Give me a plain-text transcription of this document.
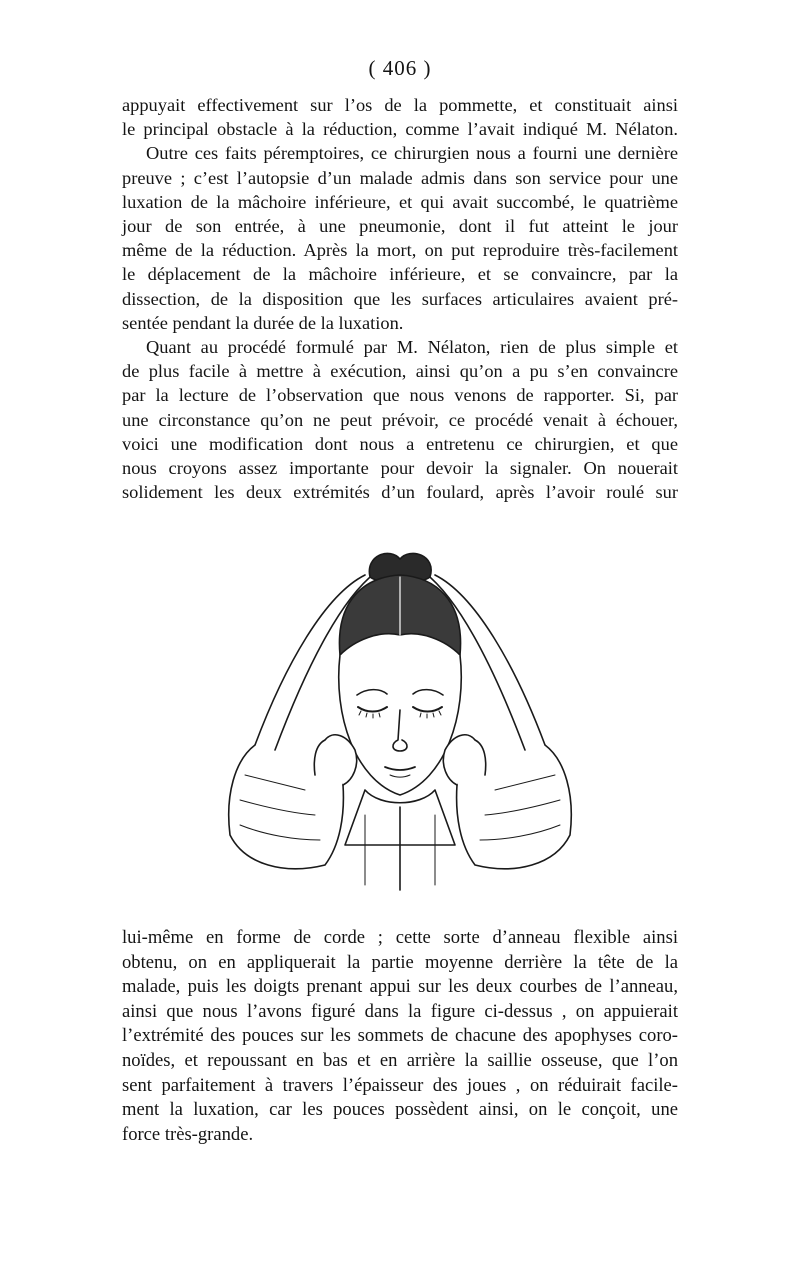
( 406 )
appuyait effectivement sur l’os de la pommette, et constituait ainsi
le principal obstacle à la réduction, comme l’avait indiqué M. Nélaton.
Outre ces faits péremptoires, ce chirurgien nous a fourni une dernière
preuve ; c’est l’autopsie d’un malade admis dans son service pour une
luxation de la mâchoire inférieure, et qui avait succombé, le quatrième
jour de son entrée, à une pneumonie, dont il fut atteint le jour
même de la réduction. Après la mort, on put reproduire très-facilement
le déplacement de la mâchoire inférieure, et se convaincre, par la
dissection, de la disposition que les surfaces articulaires avaient pré-
sentée pendant la durée de la luxation.
Quant au procédé formulé par M. Nélaton, rien de plus simple et
de plus facile à mettre à exécution, ainsi qu’on a pu s’en convaincre
par la lecture de l’observation que nous venons de rapporter. Si, par
une circonstance qu’on ne peut prévoir, ce procédé venait à échouer,
voici une modification dont nous a entretenu ce chirurgien, et que
nous croyons assez importante pour devoir la signaler. On nouerait
solidement les deux extrémités d’un foulard, après l’avoir roulé sur
lui-même en forme de corde ; cette sorte d’anneau flexible ainsi
obtenu, on en appliquerait la partie moyenne derrière la tête de la
malade, puis les doigts prenant appui sur les deux courbes de l’anneau,
ainsi que nous l’avons figuré dans la figure ci-dessus , on appuierait
l’extrémité des pouces sur les sommets de chacune des apophyses coro-
noïdes, et repoussant en bas et en arrière la saillie osseuse, que l’on
sent parfaitement à travers l’épaisseur des joues , on réduirait facile-
ment la luxation, car les pouces possèdent ainsi, on le conçoit, une
force très-grande.
